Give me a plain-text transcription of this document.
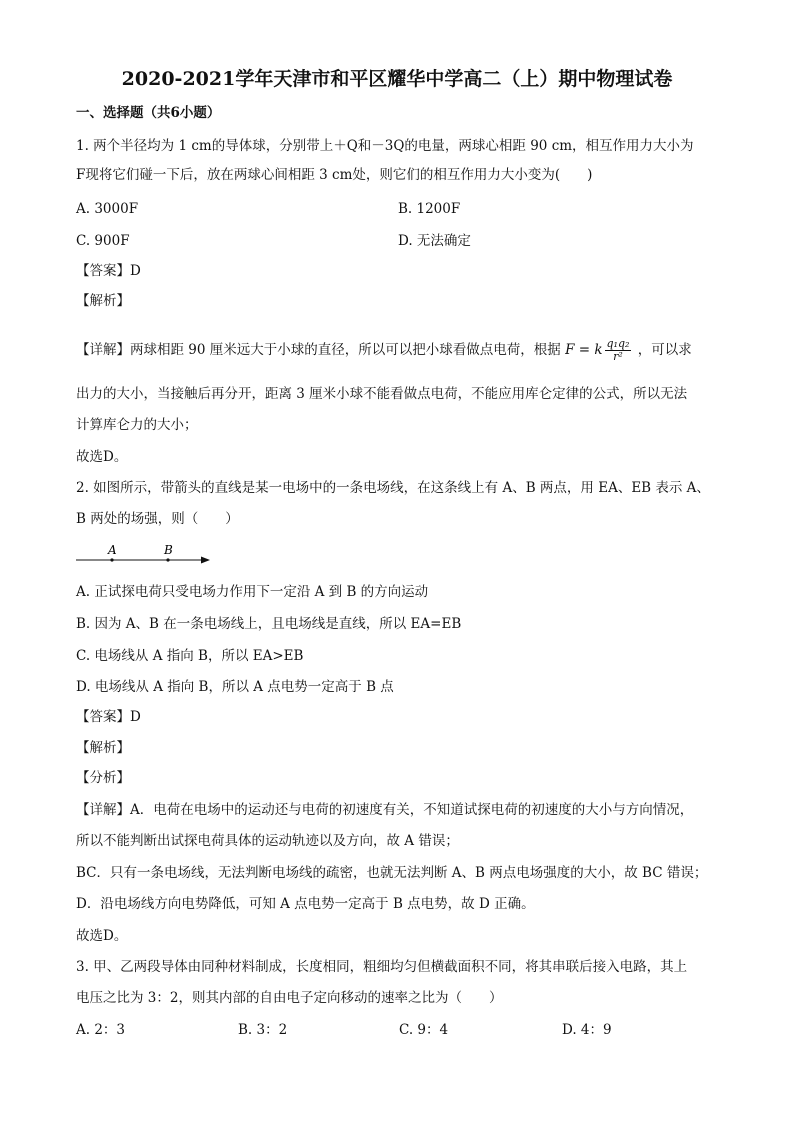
2020-2021学年天津市和平区耀华中学高二（上）期中物理试卷
一、选择题（共6小题）
1. 两个半径均为 1 cm的导体球，分别带上＋Q和－3Q的电量，两球心相距 90 cm，相互作用力大小为
F现将它们碰一下后，放在两球心间相距 3 cm处，则它们的相互作用力大小变为(　　)
A. 3000F	B. 1200F
C. 900F	D. 无法确定
【答案】D
【解析】
【详解】两球相距 90 厘米远大于小球的直径，所以可以把小球看做点电荷，根据 F = k $\frac{\text{q₁q₂}}{\text{r²}}$ ，可以求
出力的大小，当接触后再分开，距离 3 厘米小球不能看做点电荷，不能应用库仑定律的公式，所以无法
计算库仑力的大小；
故选D。
2. 如图所示，带箭头的直线是某一电场中的一条电场线，在这条线上有 A、B 两点，用 EA、EB 表示 A、
B 两处的场强，则（　　）
A	B
A. 正试探电荷只受电场力作用下一定沿 A 到 B 的方向运动
B. 因为 A、B 在一条电场线上，且电场线是直线，所以 EA=EB
C. 电场线从 A 指向 B，所以 EA>EB
D. 电场线从 A 指向 B，所以 A 点电势一定高于 B 点
【答案】D
【解析】
【分析】
【详解】A．电荷在电场中的运动还与电荷的初速度有关，不知道试探电荷的初速度的大小与方向情况，
所以不能判断出试探电荷具体的运动轨迹以及方向，故 A 错误；
BC．只有一条电场线，无法判断电场线的疏密，也就无法判断 A、B 两点电场强度的大小，故 BC 错误；
D．沿电场线方向电势降低，可知 A 点电势一定高于 B 点电势，故 D 正确。
故选D。
3. 甲、乙两段导体由同种材料制成，长度相同，粗细均匀但横截面积不同，将其串联后接入电路，其上
电压之比为 3：2，则其内部的自由电子定向移动的速率之比为（　　）
A. 2：3	B. 3：2	C. 9：4	D. 4：9
